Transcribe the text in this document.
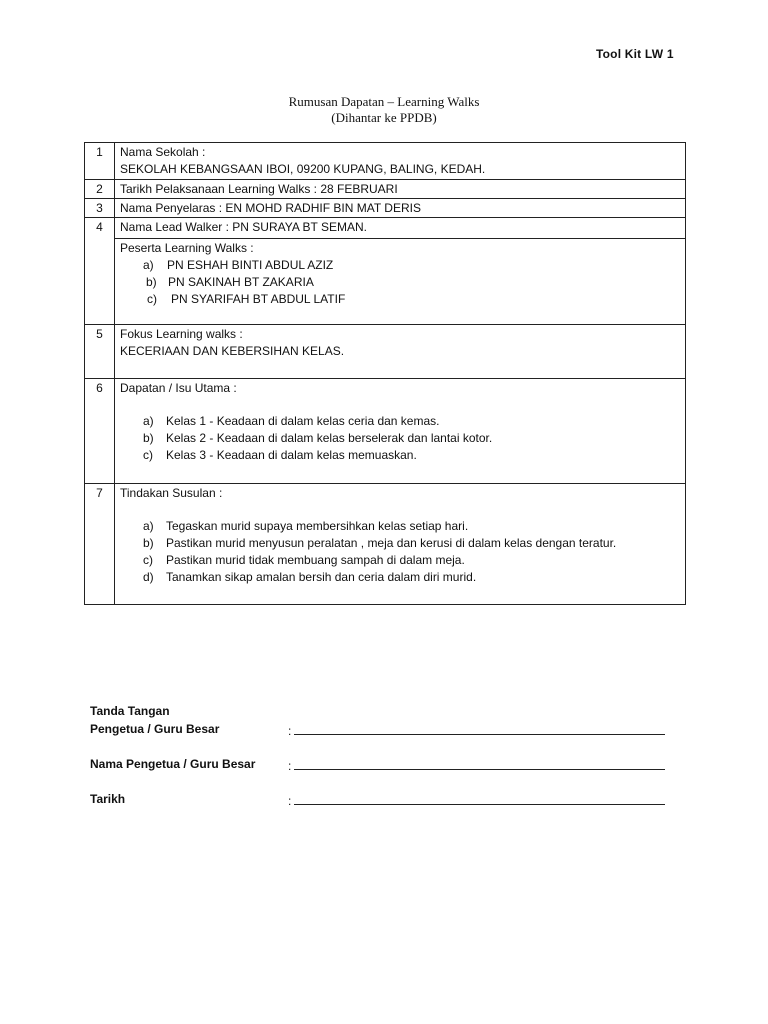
Tool Kit LW 1
Rumusan Dapatan – Learning Walks
(Dihantar ke PPDB)
1	Nama Sekolah :
SEKOLAH KEBANGSAAN IBOI, 09200 KUPANG, BALING, KEDAH.

2	Tarikh Pelaksanaan Learning Walks : 28 FEBRUARI

3	Nama Penyelaras : EN MOHD RADHIF BIN MAT DERIS

4	Nama Lead Walker : PN SURAYA BT SEMAN.
Peserta Learning Walks :
a) PN ESHAH BINTI ABDUL AZIZ
b) PN SAKINAH BT ZAKARIA
c) PN SYARIFAH BT ABDUL LATIF

5	Fokus Learning walks :
KECERIAAN DAN KEBERSIHAN KELAS.

6	Dapatan / Isu Utama :
a) Kelas 1 - Keadaan di dalam kelas ceria dan kemas.
b) Kelas 2 - Keadaan di dalam kelas berselerak dan lantai kotor.
c) Kelas 3 - Keadaan di dalam kelas memuaskan.

7	Tindakan Susulan :
a) Tegaskan murid supaya membersihkan kelas setiap hari.
b) Pastikan murid menyusun peralatan , meja dan kerusi di dalam kelas dengan teratur.
c) Pastikan murid tidak membuang sampah di dalam meja.
d) Tanamkan sikap amalan bersih dan ceria dalam diri murid.
Tanda Tangan
Pengetua / Guru Besar	:
Nama Pengetua / Guru Besar	:
Tarikh	:
